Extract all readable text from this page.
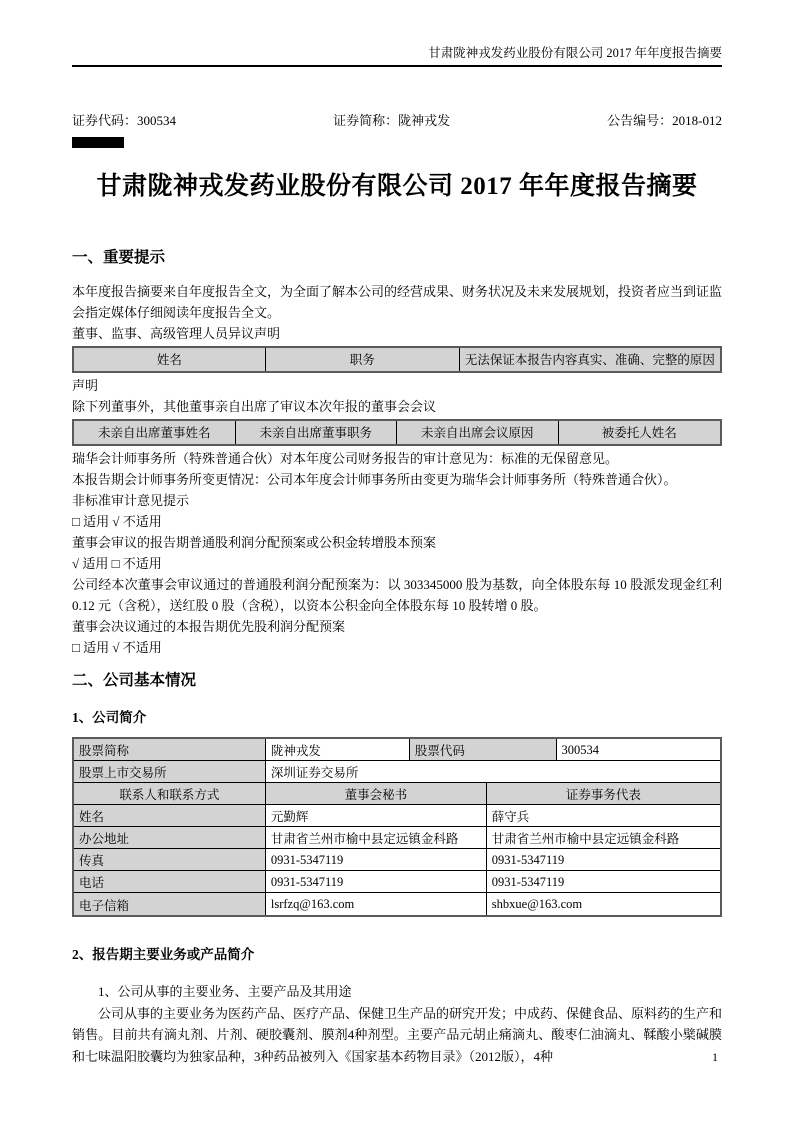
甘肃陇神戎发药业股份有限公司 2017 年年度报告摘要
证券代码：300534	证券简称：陇神戎发	公告编号：2018-012
甘肃陇神戎发药业股份有限公司 2017 年年度报告摘要
一、重要提示
本年度报告摘要来自年度报告全文，为全面了解本公司的经营成果、财务状况及未来发展规划，投资者应当到证监会指定媒体仔细阅读年度报告全文。
董事、监事、高级管理人员异议声明
姓名	职务	无法保证本报告内容真实、准确、完整的原因
声明
除下列董事外，其他董事亲自出席了审议本次年报的董事会会议
未亲自出席董事姓名	未亲自出席董事职务	未亲自出席会议原因	被委托人姓名
瑞华会计师事务所（特殊普通合伙）对本年度公司财务报告的审计意见为：标准的无保留意见。
本报告期会计师事务所变更情况：公司本年度会计师事务所由变更为瑞华会计师事务所（特殊普通合伙）。
非标准审计意见提示
□ 适用 √ 不适用
董事会审议的报告期普通股利润分配预案或公积金转增股本预案
√ 适用 □ 不适用
公司经本次董事会审议通过的普通股利润分配预案为：以 303345000 股为基数，向全体股东每 10 股派发现金红利 0.12 元（含税），送红股 0 股（含税），以资本公积金向全体股东每 10 股转增 0 股。
董事会决议通过的本报告期优先股利润分配预案
□ 适用 √ 不适用
二、公司基本情况
1、公司简介
股票简称	陇神戎发	股票代码	300534
股票上市交易所	深圳证券交易所
联系人和联系方式	董事会秘书	证券事务代表
姓名	元勤辉	薛守兵
办公地址	甘肃省兰州市榆中县定远镇金科路	甘肃省兰州市榆中县定远镇金科路
传真	0931-5347119	0931-5347119
电话	0931-5347119	0931-5347119
电子信箱	lsrfzq@163.com	shbxue@163.com
2、报告期主要业务或产品简介
1、公司从事的主要业务、主要产品及其用途
公司从事的主要业务为医药产品、医疗产品、保健卫生产品的研究开发；中成药、保健食品、原料药的生产和销售。目前共有滴丸剂、片剂、硬胶囊剂、膜剂4种剂型。主要产品元胡止痛滴丸、酸枣仁油滴丸、鞣酸小檗碱膜和七味温阳胶囊均为独家品种，3种药品被列入《国家基本药物目录》（2012版），4种	1
